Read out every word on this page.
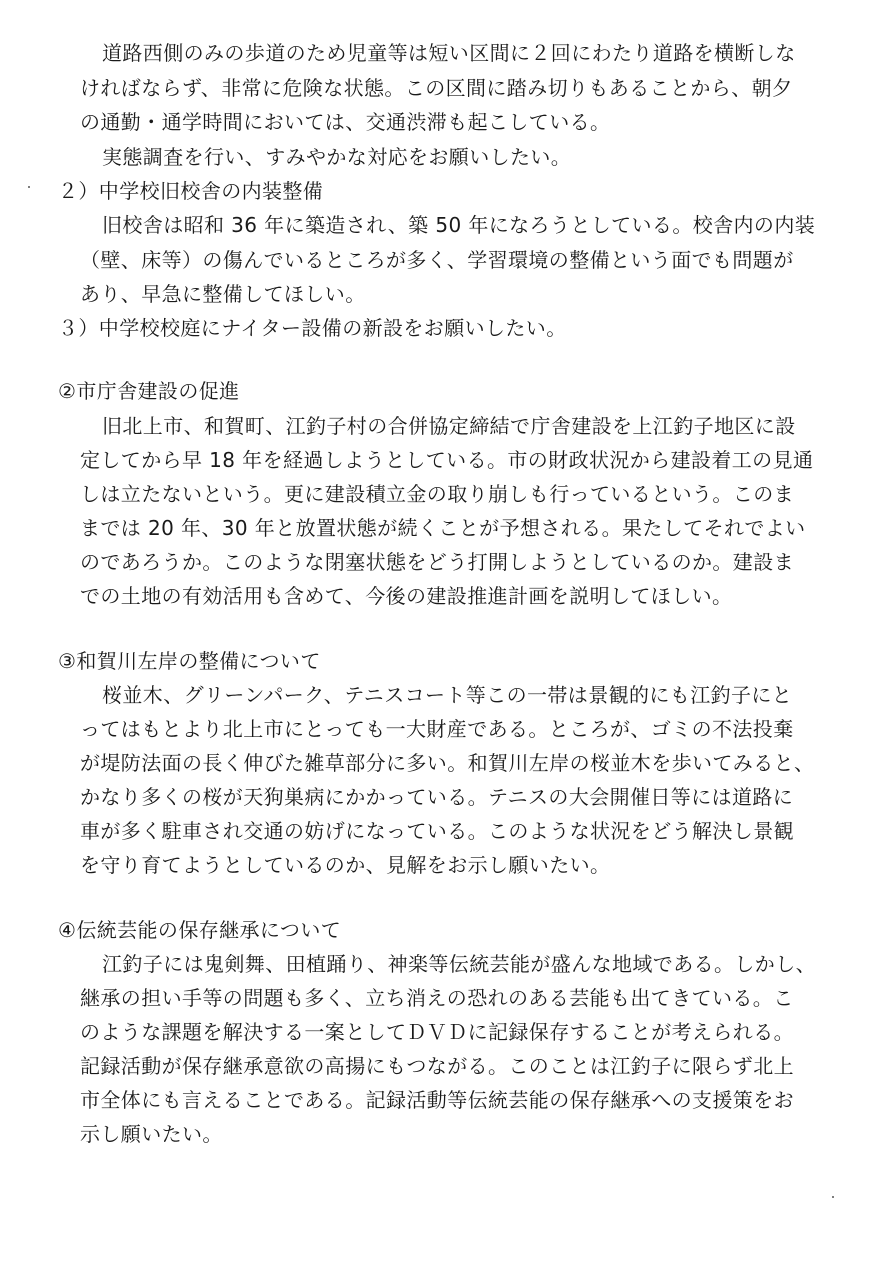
道路西側のみの歩道のため児童等は短い区間に２回にわたり道路を横断しな
ければならず、非常に危険な状態。この区間に踏み切りもあることから、朝夕
の通勤・通学時間においては、交通渋滞も起こしている。
実態調査を行い、すみやかな対応をお願いしたい。
２）中学校旧校舎の内装整備
旧校舎は昭和 36 年に築造され、築 50 年になろうとしている。校舎内の内装
（壁、床等）の傷んでいるところが多く、学習環境の整備という面でも問題が
あり、早急に整備してほしい。
３）中学校校庭にナイター設備の新設をお願いしたい。
②市庁舎建設の促進
旧北上市、和賀町、江釣子村の合併協定締結で庁舎建設を上江釣子地区に設
定してから早 18 年を経過しようとしている。市の財政状況から建設着工の見通
しは立たないという。更に建設積立金の取り崩しも行っているという。このま
までは 20 年、30 年と放置状態が続くことが予想される。果たしてそれでよい
のであろうか。このような閉塞状態をどう打開しようとしているのか。建設ま
での土地の有効活用も含めて、今後の建設推進計画を説明してほしい。
③和賀川左岸の整備について
桜並木、グリーンパーク、テニスコート等この一帯は景観的にも江釣子にと
ってはもとより北上市にとっても一大財産である。ところが、ゴミの不法投棄
が堤防法面の長く伸びた雑草部分に多い。和賀川左岸の桜並木を歩いてみると、
かなり多くの桜が天狗巣病にかかっている。テニスの大会開催日等には道路に
車が多く駐車され交通の妨げになっている。このような状況をどう解決し景観
を守り育てようとしているのか、見解をお示し願いたい。
④伝統芸能の保存継承について
江釣子には鬼剣舞、田植踊り、神楽等伝統芸能が盛んな地域である。しかし、
継承の担い手等の問題も多く、立ち消えの恐れのある芸能も出てきている。こ
のような課題を解決する一案としてＤＶＤに記録保存することが考えられる。
記録活動が保存継承意欲の高揚にもつながる。このことは江釣子に限らず北上
市全体にも言えることである。記録活動等伝統芸能の保存継承への支援策をお
示し願いたい。
